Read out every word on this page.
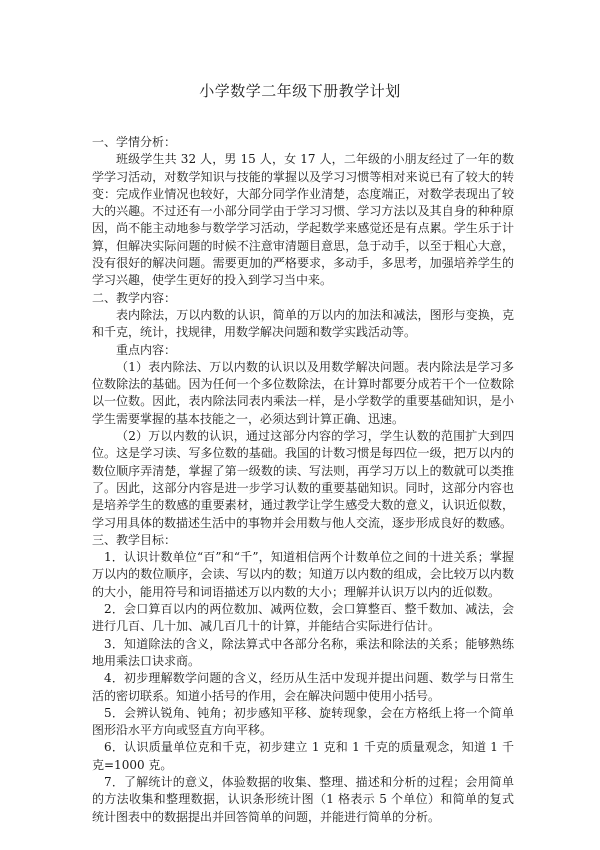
小学数学二年级下册教学计划

一、学情分析：

班级学生共 32 人，男 15 人，女 17 人，二年级的小朋友经过了一年的数学学习活动，对数学知识与技能的掌握以及学习习惯等相对来说已有了较大的转变：完成作业情况也较好，大部分同学作业清楚，态度端正，对数学表现出了较大的兴趣。不过还有一小部分同学由于学习习惯、学习方法以及其自身的种种原因，尚不能主动地参与数学学习活动，学起数学来感觉还是有点累。学生乐于计算，但解决实际问题的时候不注意审清题目意思，急于动手，以至于粗心大意，没有很好的解决问题。需要更加的严格要求，多动手，多思考，加强培养学生的学习兴趣，使学生更好的投入到学习当中来。

二、教学内容：

表内除法，万以内数的认识，简单的万以内的加法和减法，图形与变换，克和千克，统计，找规律，用数学解决问题和数学实践活动等。

重点内容：

（1）表内除法、万以内数的认识以及用数学解决问题。表内除法是学习多位数除法的基础。因为任何一个多位数除法，在计算时都要分成若干个一位数除以一位数。因此，表内除法同表内乘法一样，是小学数学的重要基础知识，是小学生需要掌握的基本技能之一，必须达到计算正确、迅速。

（2）万以内数的认识，通过这部分内容的学习，学生认数的范围扩大到四位。这是学习读、写多位数的基础。我国的计数习惯是每四位一级，把万以内的数位顺序弄清楚，掌握了第一级数的读、写法则，再学习万以上的数就可以类推了。因此，这部分内容是进一步学习认数的重要基础知识。同时，这部分内容也是培养学生的数感的重要素材，通过教学让学生感受大数的意义，认识近似数，学习用具体的数描述生活中的事物并会用数与他人交流，逐步形成良好的数感。

三、教学目标：

1．认识计数单位“百”和“千”，知道相信两个计数单位之间的十进关系；掌握万以内的数位顺序，会读、写以内的数；知道万以内数的组成，会比较万以内数的大小，能用符号和词语描述万以内数的大小；理解并认识万以内的近似数。

2．会口算百以内的两位数加、减两位数，会口算整百、整千数加、减法，会进行几百、几十加、减几百几十的计算，并能结合实际进行估计。

3．知道除法的含义，除法算式中各部分名称，乘法和除法的关系；能够熟练地用乘法口诀求商。

4．初步理解数学问题的含义，经历从生活中发现并提出问题、数学与日常生活的密切联系。知道小括号的作用，会在解决问题中使用小括号。

5．会辨认锐角、钝角；初步感知平移、旋转现象，会在方格纸上将一个简单图形沿水平方向或竖直方向平移。

6．认识质量单位克和千克，初步建立 1 克和 1 千克的质量观念，知道 1 千克=1000 克。

7．了解统计的意义，体验数据的收集、整理、描述和分析的过程；会用简单的方法收集和整理数据，认识条形统计图（1 格表示 5 个单位）和简单的复式统计图表中的数据提出并回答简单的问题，并能进行简单的分析。
